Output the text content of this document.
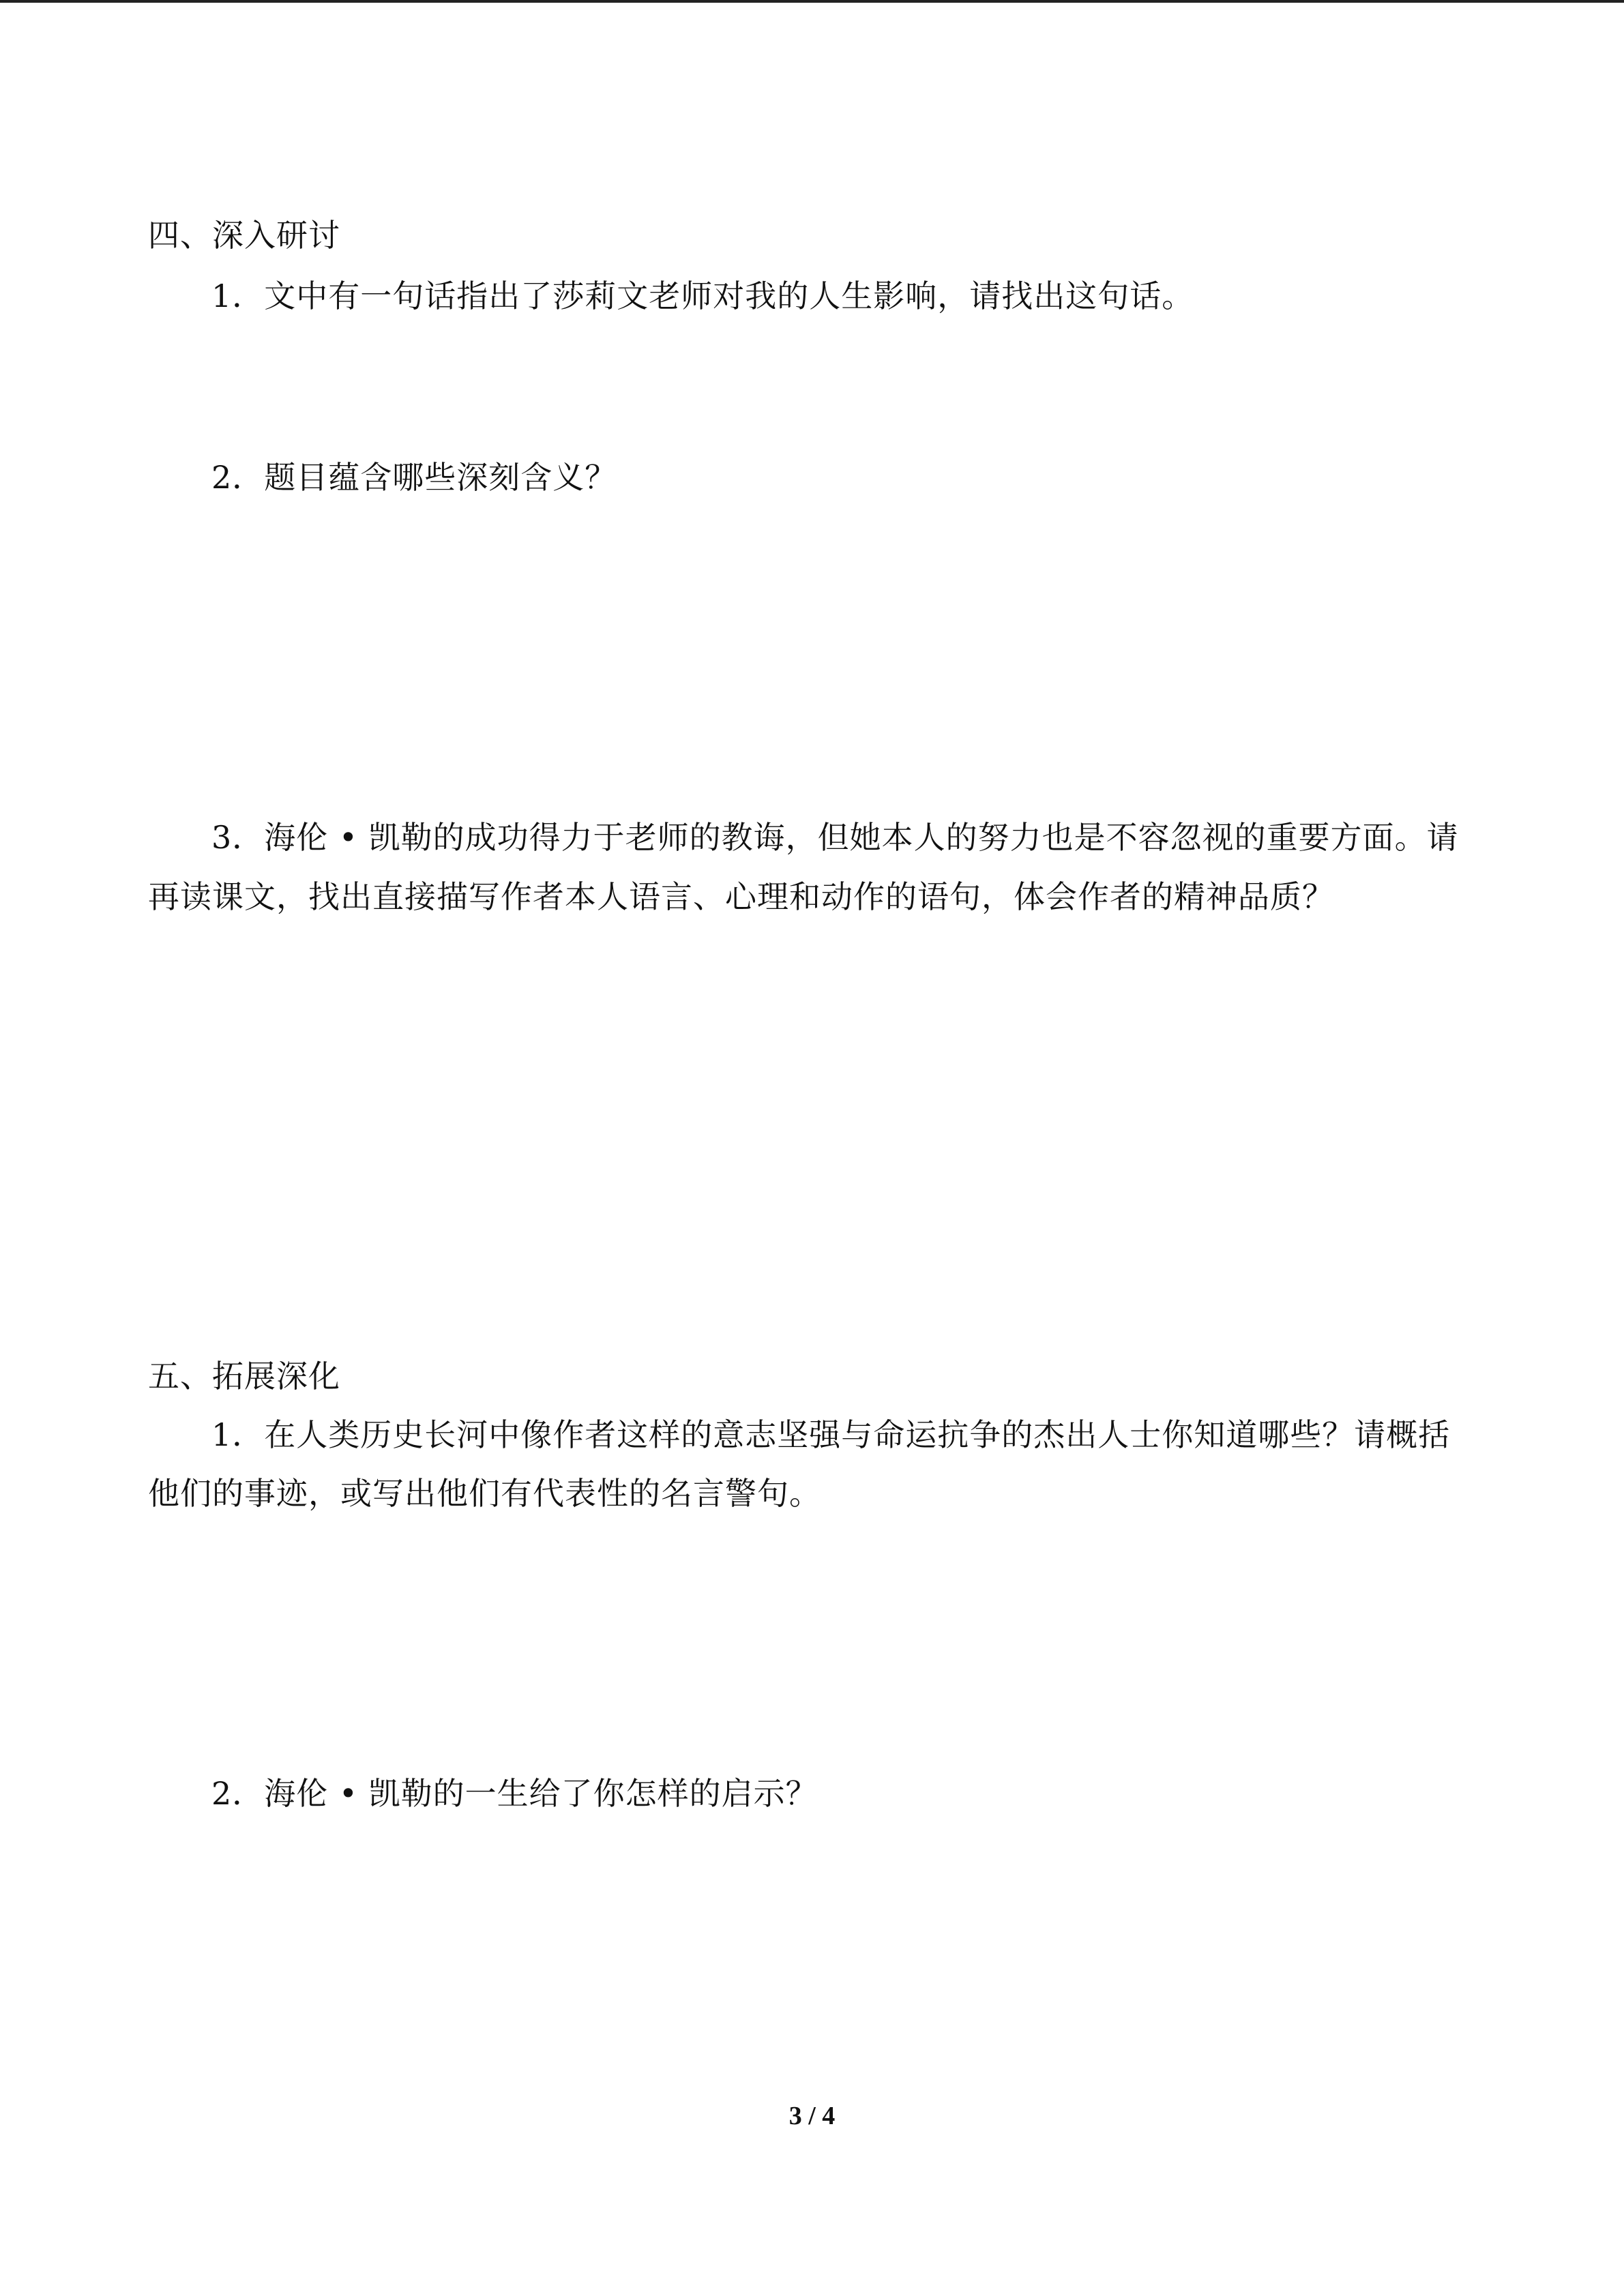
四、深入研讨
1．文中有一句话指出了莎莉文老师对我的人生影响，请找出这句话。
2．题目蕴含哪些深刻含义？
3．海伦 • 凯勒的成功得力于老师的教诲，但她本人的努力也是不容忽视的重要方面。请
再读课文，找出直接描写作者本人语言、心理和动作的语句，体会作者的精神品质？
五、拓展深化
1．在人类历史长河中像作者这样的意志坚强与命运抗争的杰出人士你知道哪些？请概括
他们的事迹，或写出他们有代表性的名言警句。
2．海伦 • 凯勒的一生给了你怎样的启示？
3 / 4
